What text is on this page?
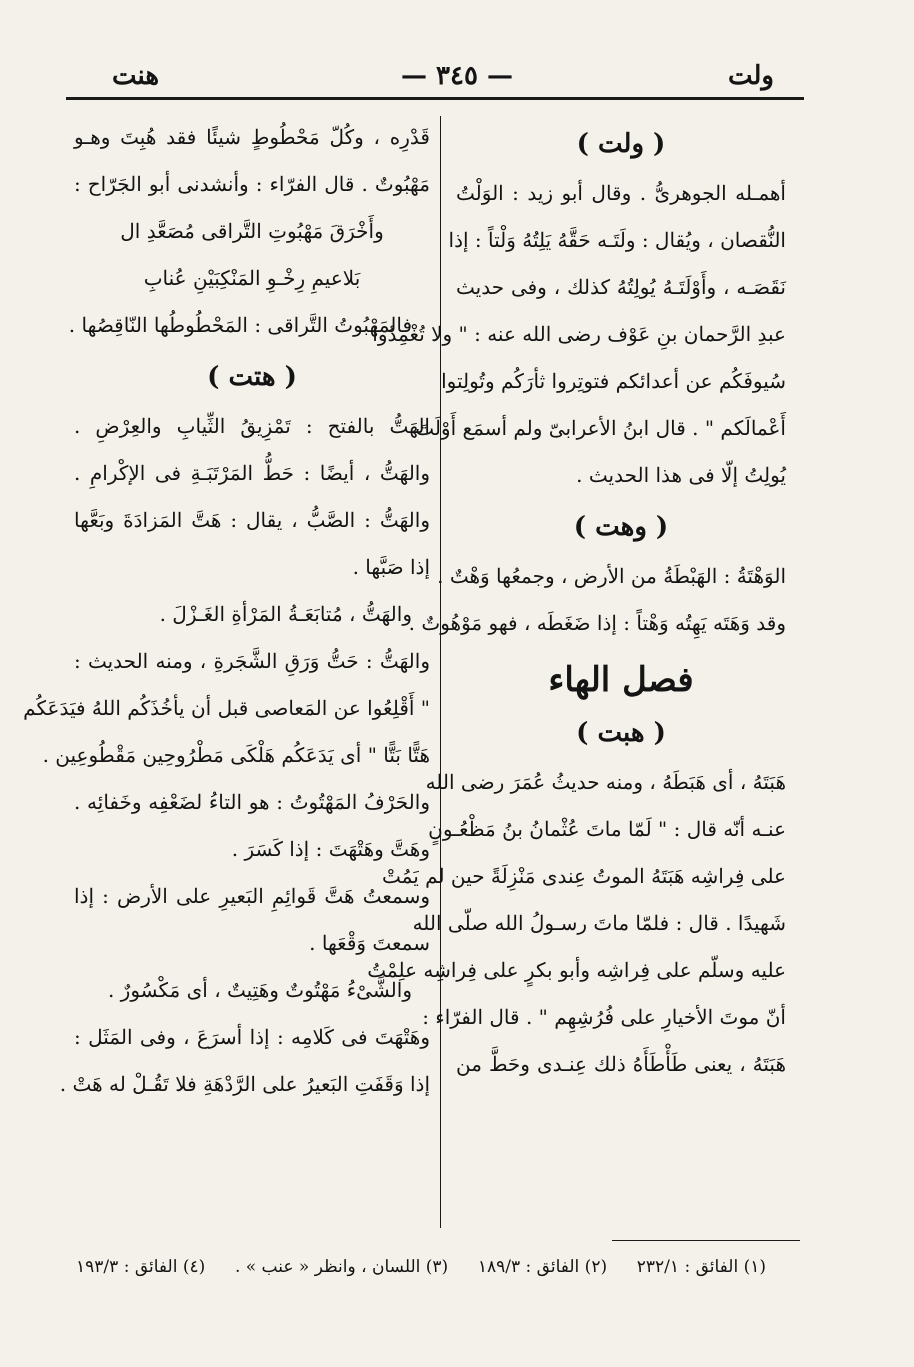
ولت
— ٣٤٥ —
هنت
( ولت )
أهمـله الجوهرىُّ . وقال أبو زيد : الوَلْتُ
النُّقصان ، ويُقال : ولَتَـه حَقَّهُ يَلِتُهُ وَلْتاً : إذا
نَقَصَـه ، وأَوْلَتَـهُ يُولِتُهُ كذلك ، وفى حديث
عبدِ الرَّحمان بنِ عَوْف رضى الله عنه : " ولا تُغْمِدُوا
سُيوفَكُم عن أعدائكم فتوتِروا ثأرَكُم وتُولِتوا
أَعْمالَكم " . قال ابنُ الأعرابىّ ولم أسمَع أَوْلَتَ
يُولِتُ إلّا فى هذا الحديث .
( وهت )
الوَهْتَةُ : الهَبْطَةُ من الأرض ، وجمعُها وَهْتٌ .
وقد وَهَتَه يَهِتُه وَهْتاً : إذا ضَغَطَه ، فهو مَوْهُوتٌ .
فصل الهاء
( هبت )
هَبَتَهُ ، أى هَبَطَهُ ، ومنه حديثُ عُمَرَ رضى الله
عنـه أنّه قال : " لَمّا ماتَ عُثْمانُ بنُ مَظْعُـونٍ
على فِراشِه هَبَتَهُ الموتُ عِندى مَنْزِلَةً حين لم يَمُتْ
شَهيدًا . قال : فلمّا ماتَ رسـولُ الله صلّى الله
عليه وسلّم على فِراشِه وأبو بكرٍ على فِراشِه علِمْتُ
أنّ موتَ الأخيارِ على فُرُشِهِم " . قال الفرّاء :
هَبَتَهُ ، يعنى طَأْطَأَهُ ذلك عِنـدى وحَطَّ من
قَدْرِه ، وكُلّ مَحْطُوطٍ شيئًا فقد هُبِتَ وهـو
مَهْبُوتٌ . قال الفرّاء : وأنشدنى أبو الجَرّاح :
وأَخْرَقَ مَهْبُوتِ التَّراقى مُصَعَّدِ ال
بَلاعيمِ رِخْـوِ المَنْكِبَيْنِ عُنابِ
فالمَهْبُوتُ التَّراقى : المَحْطُوطُها النّاقِصُها .
( هتت )
الهَتُّ بالفتح : تَمْزِيقُ الثِّيابِ والعِرْضِ .
والهَتُّ ، أيضًا : حَطُّ المَرْتَبَـةِ فى الإكْرامِ .
والهَتُّ : الصَّبُّ ، يقال : هَتَّ المَزادَةَ وبَعَّها
إذا صَبَّها .
والهَتُّ ، مُتابَعَـةُ المَرْأةِ الغَـزْلَ .
والهَتُّ : حَتُّ وَرَقِ الشَّجَرةِ ، ومنه الحديث :
" أَقْلِعُوا عن المَعاصى قبل أن يأخُذَكُم اللهُ فيَدَعَكُم
هَتًّا بَتًّا " أى يَدَعَكُم هَلْكَى مَطْرُوحِين مَقْطُوعِين .
والحَرْفُ المَهْتُوتُ : هو التاءُ لضَعْفِه وخَفائِه .
وهَتَّ وهَتْهَتَ : إذا كَسَرَ .
وسمعتُ هَتَّ قَوائِمِ البَعيرِ على الأرض : إذا
سمعتَ وَقْعَها .
والشَّىْءُ مَهْتُوتٌ وهَتِيتٌ ، أى مَكْسُورٌ .
وهَتْهَتَ فى كَلامِه : إذا أسرَعَ ، وفى المَثَل :
إذا وَقَفَتِ البَعيرُ على الرَّدْهَةِ فلا تَقُـلْ له هَتْ .
(١) الفائق : ٢٣٢/١
(٢) الفائق : ١٨٩/٣
(٣) اللسان ، وانظر « عنب » .
(٤) الفائق : ١٩٣/٣
